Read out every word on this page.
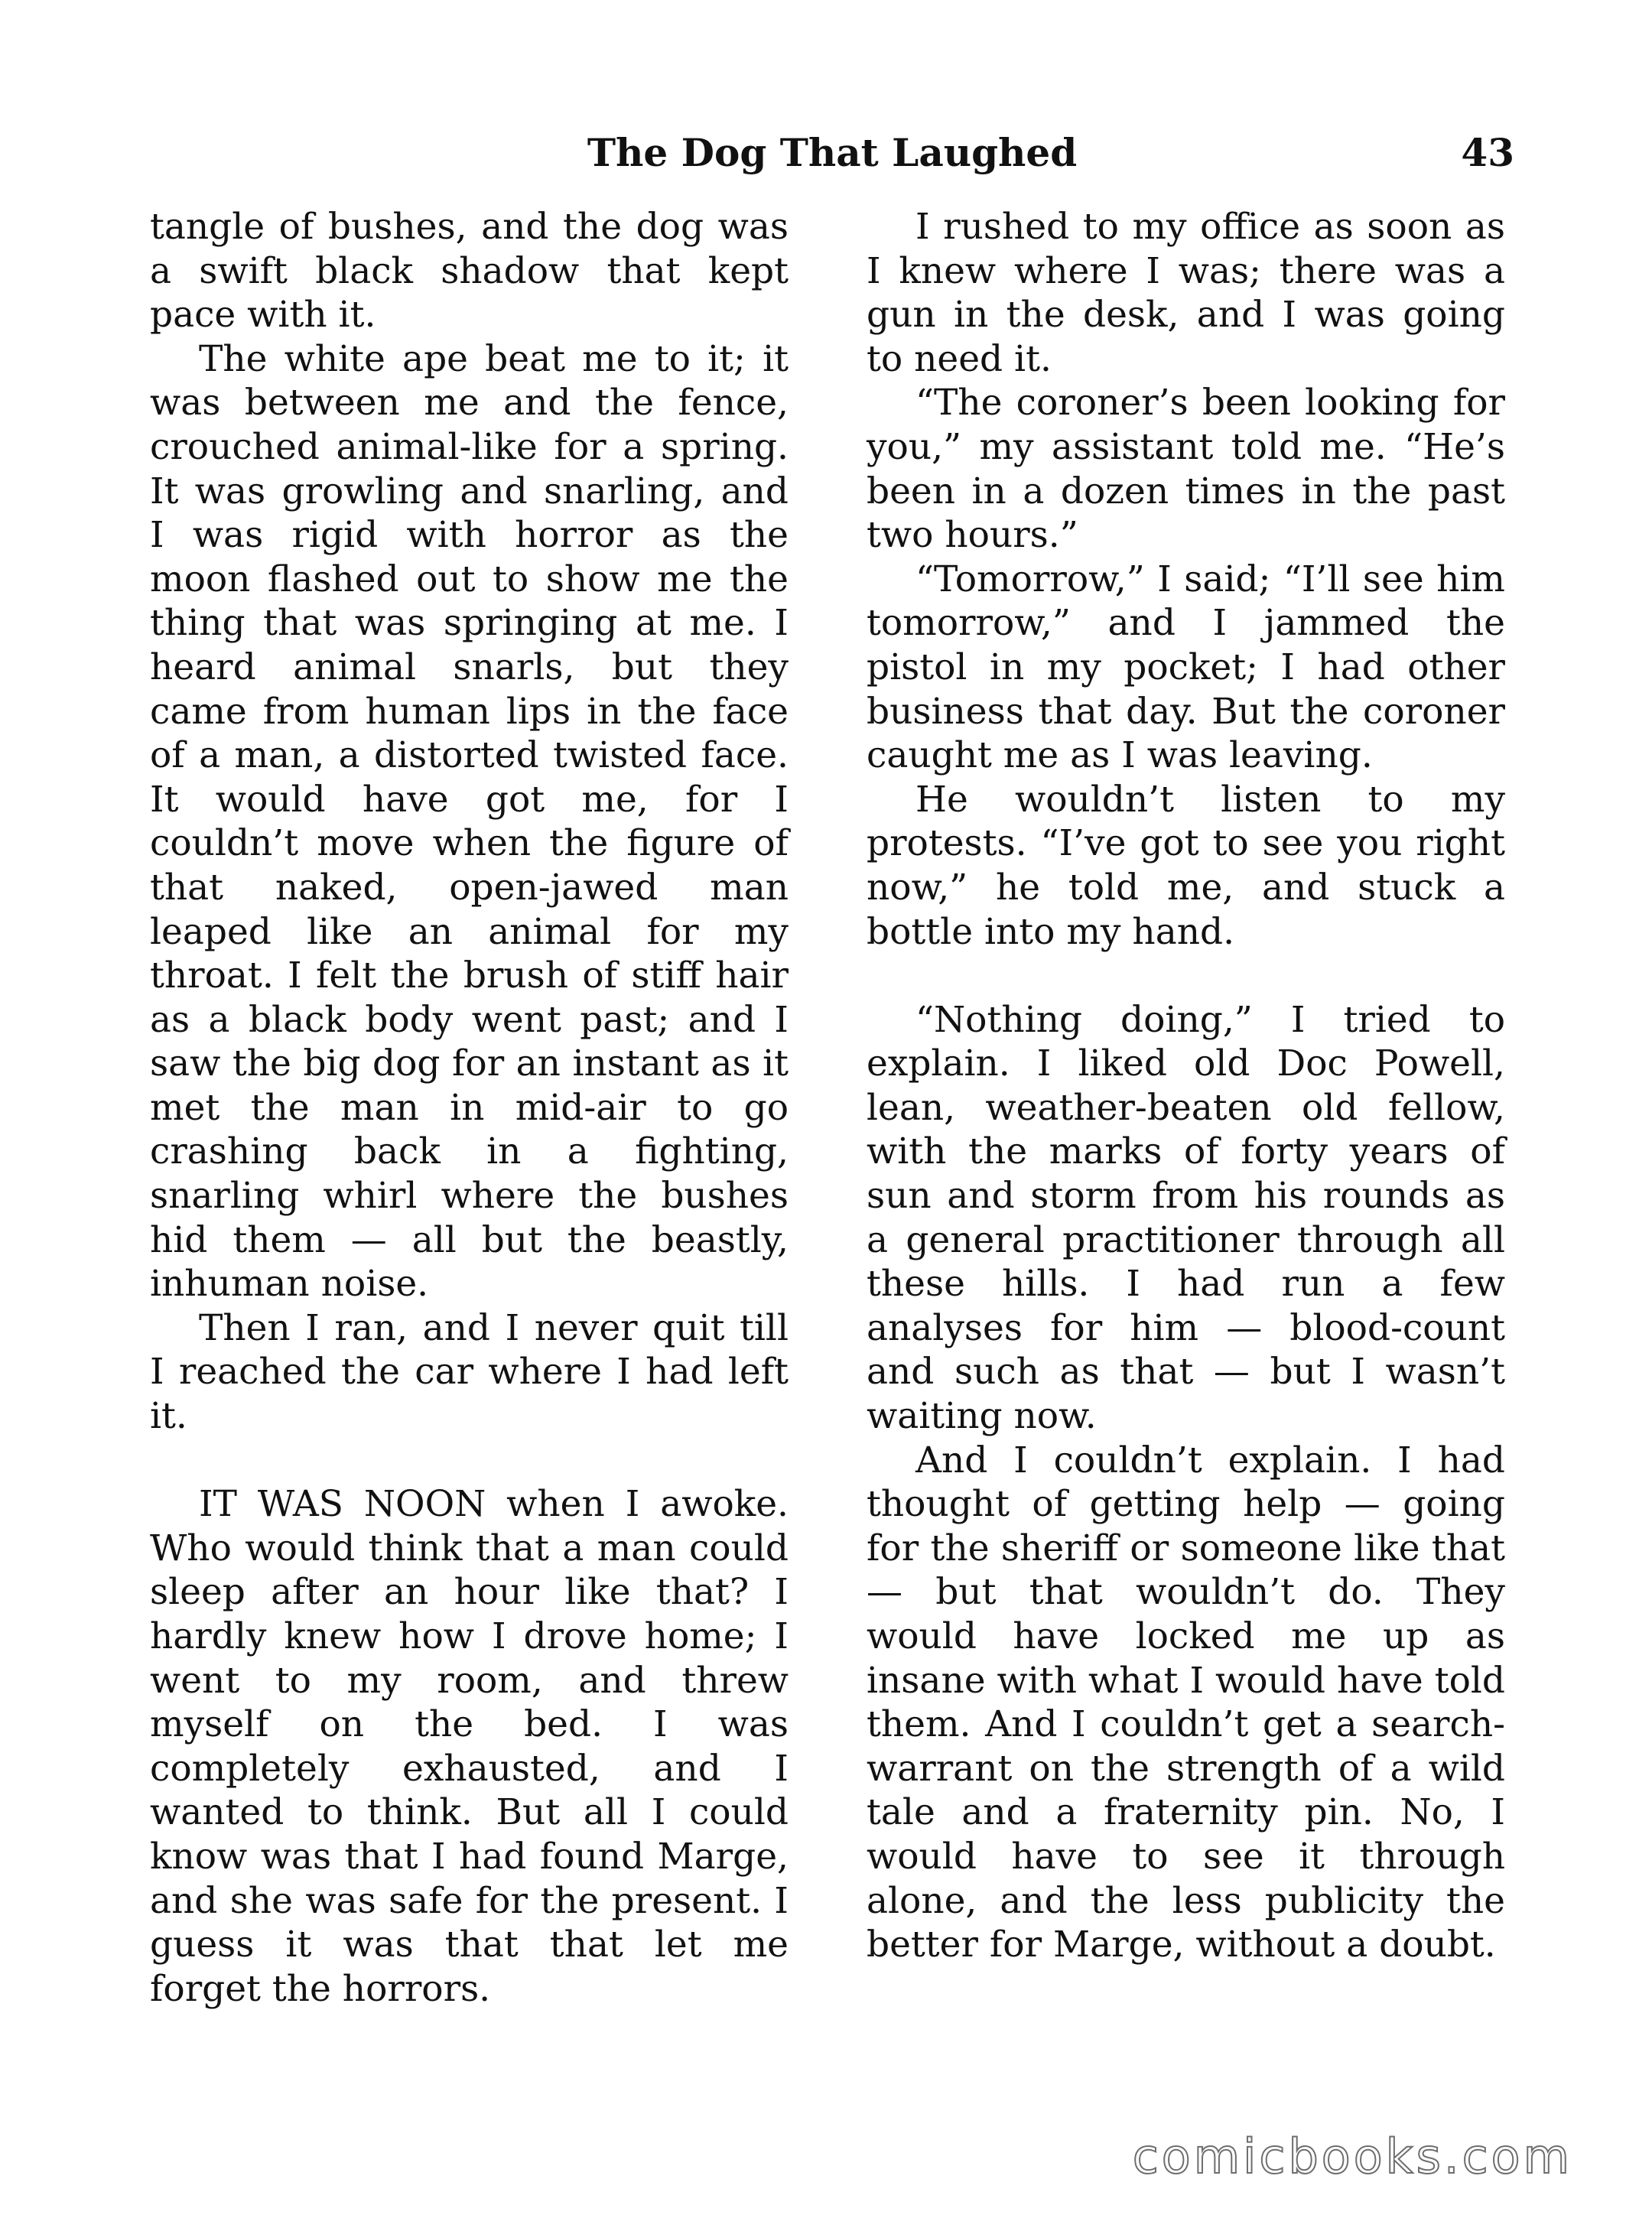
The Dog That Laughed	43

tangle of bushes, and the dog was a swift black shadow that kept pace with it.

The white ape beat me to it; it was between me and the fence, crouched animal-like for a spring. It was growling and snarling, and I was rigid with horror as the moon flashed out to show me the thing that was springing at me. I heard animal snarls, but they came from human lips in the face of a man, a distorted twisted face. It would have got me, for I couldn’t move when the figure of that naked, open-jawed man leaped like an animal for my throat. I felt the brush of stiff hair as a black body went past; and I saw the big dog for an instant as it met the man in mid-air to go crashing back in a fighting, snarling whirl where the bushes hid them — all but the beastly, inhuman noise.

Then I ran, and I never quit till I reached the car where I had left it.

IT WAS NOON when I awoke. Who would think that a man could sleep after an hour like that? I hardly knew how I drove home; I went to my room, and threw myself on the bed. I was completely exhausted, and I wanted to think. But all I could know was that I had found Marge, and she was safe for the present. I guess it was that that let me forget the horrors.

I rushed to my office as soon as I knew where I was; there was a gun in the desk, and I was going to need it.

“The coroner’s been looking for you,” my assistant told me. “He’s been in a dozen times in the past two hours.”

“Tomorrow,” I said; “I’ll see him tomorrow,” and I jammed the pistol in my pocket; I had other business that day. But the coroner caught me as I was leaving.

He wouldn’t listen to my protests. “I’ve got to see you right now,” he told me, and stuck a bottle into my hand.

“Nothing doing,” I tried to explain. I liked old Doc Powell, lean, weather-beaten old fellow, with the marks of forty years of sun and storm from his rounds as a general practitioner through all these hills. I had run a few analyses for him — blood-count and such as that — but I wasn’t waiting now.

And I couldn’t explain. I had thought of getting help — going for the sheriff or someone like that — but that wouldn’t do. They would have locked me up as insane with what I would have told them. And I couldn’t get a search-warrant on the strength of a wild tale and a fraternity pin. No, I would have to see it through alone, and the less publicity the better for Marge, without a doubt.

comicbooks.com
